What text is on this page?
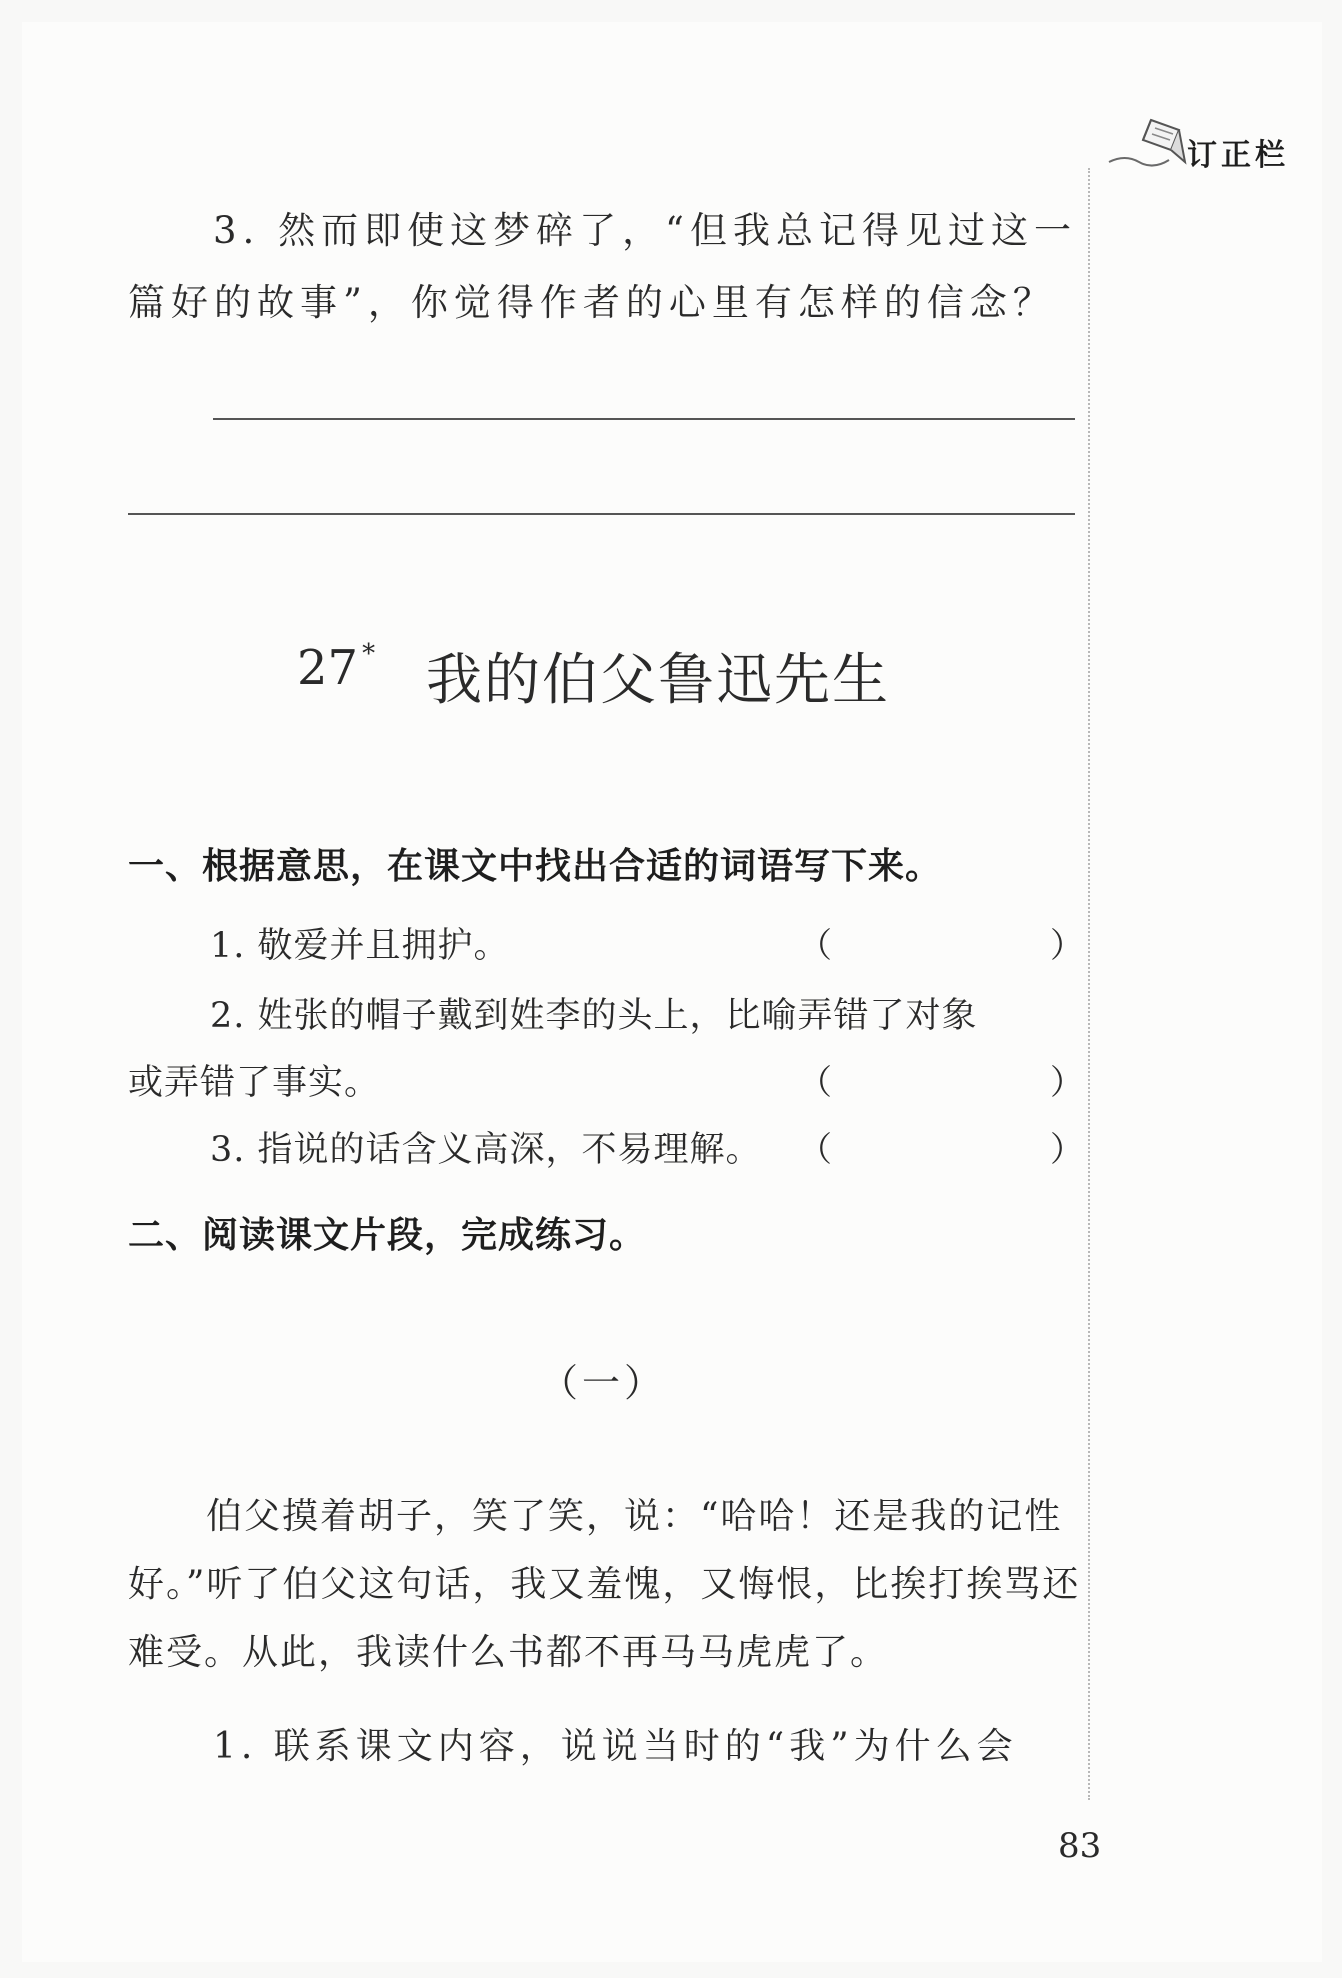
订正栏
3. 然而即使这梦碎了，“但我总记得见过这一
篇好的故事”，你觉得作者的心里有怎样的信念？
27 * 我的伯父鲁迅先生
一、根据意思，在课文中找出合适的词语写下来。
1. 敬爱并且拥护。	（	）
2. 姓张的帽子戴到姓李的头上，比喻弄错了对象
或弄错了事实。	（	）
3. 指说的话含义高深，不易理解。 （	）
二、阅读课文片段，完成练习。
（一）
伯父摸着胡子，笑了笑，说：“哈哈！还是我的记性
好。”听了伯父这句话，我又羞愧，又悔恨，比挨打挨骂还
难受。从此，我读什么书都不再马马虎虎了。
1. 联系课文内容，说说当时的“我”为什么会
83
